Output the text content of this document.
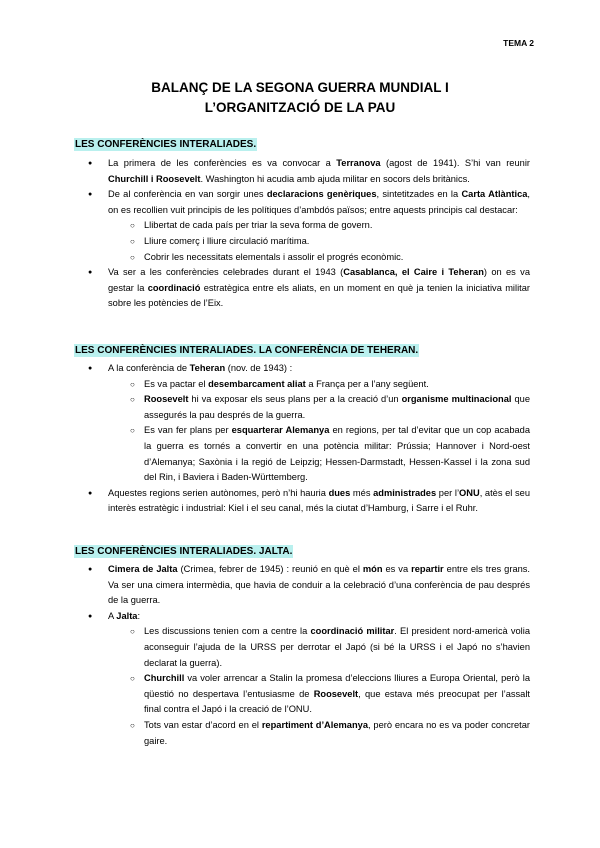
TEMA 2
BALANÇ DE LA SEGONA GUERRA MUNDIAL I
L’ORGANITZACIÓ DE LA PAU
LES CONFERÈNCIES INTERALIADES.

● La primera de les conferències es va convocar a Terranova (agost de 1941). S’hi van reunir Churchill i Roosevelt. Washington hi acudia amb ajuda militar en socors dels britànics.

● De al conferència en van sorgir unes declaracions genèriques, sintetitzades en la Carta Atlàntica, on es recollien vuit principis de les polítiques d’ambdós països; entre aquests principis cal destacar:

○ Llibertat de cada país per triar la seva forma de govern.

○ Lliure comerç i lliure circulació marítima.

○ Cobrir les necessitats elementals i assolir el progrés econòmic.

● Va ser a les conferències celebrades durant el 1943 (Casablanca, el Caire i Teheran) on es va gestar la coordinació estratègica entre els aliats, en un moment en què ja tenien la iniciativa militar sobre les potències de l’Eix.

LES CONFERÈNCIES INTERALIADES. LA CONFERÈNCIA DE TEHERAN.

● A la conferència de Teheran (nov. de 1943) :

○ Es va pactar el desembarcament aliat a França per a l’any següent.

○ Roosevelt hi va exposar els seus plans per a la creació d’un organisme multinacional que assegurés la pau després de la guerra.

○ Es van fer plans per esquarterar Alemanya en regions, per tal d’evitar que un cop acabada la guerra es tornés a convertir en una potència militar: Prússia; Hannover i Nord-oest d’Alemanya; Saxònia i la regió de Leipzig; Hessen-Darmstadt, Hessen-Kassel i la zona sud del Rin, i Baviera i Baden-Württemberg.

● Aquestes regions serien autònomes, però n’hi hauria dues més administrades per l’ONU, atès el seu interès estratègic i industrial: Kiel i el seu canal, més la ciutat d’Hamburg, i Sarre i el Ruhr.

LES CONFERÈNCIES INTERALIADES. JALTA.

● Cimera de Jalta (Crimea, febrer de 1945) : reunió en què el món es va repartir entre els tres grans. Va ser una cimera intermèdia, que havia de conduir a la celebració d’una conferència de pau després de la guerra.

● A Jalta:

○ Les discussions tenien com a centre la coordinació militar. El president nord-americà volia aconseguir l’ajuda de la URSS per derrotar el Japó (si bé la URSS i el Japó no s’havien declarat la guerra).

○ Churchill va voler arrencar a Stalin la promesa d’eleccions lliures a Europa Oriental, però la qüestió no despertava l’entusiasme de Roosevelt, que estava més preocupat per l’assalt final contra el Japó i la creació de l’ONU.

○ Tots van estar d’acord en el repartiment d’Alemanya, però encara no es va poder concretar gaire.
